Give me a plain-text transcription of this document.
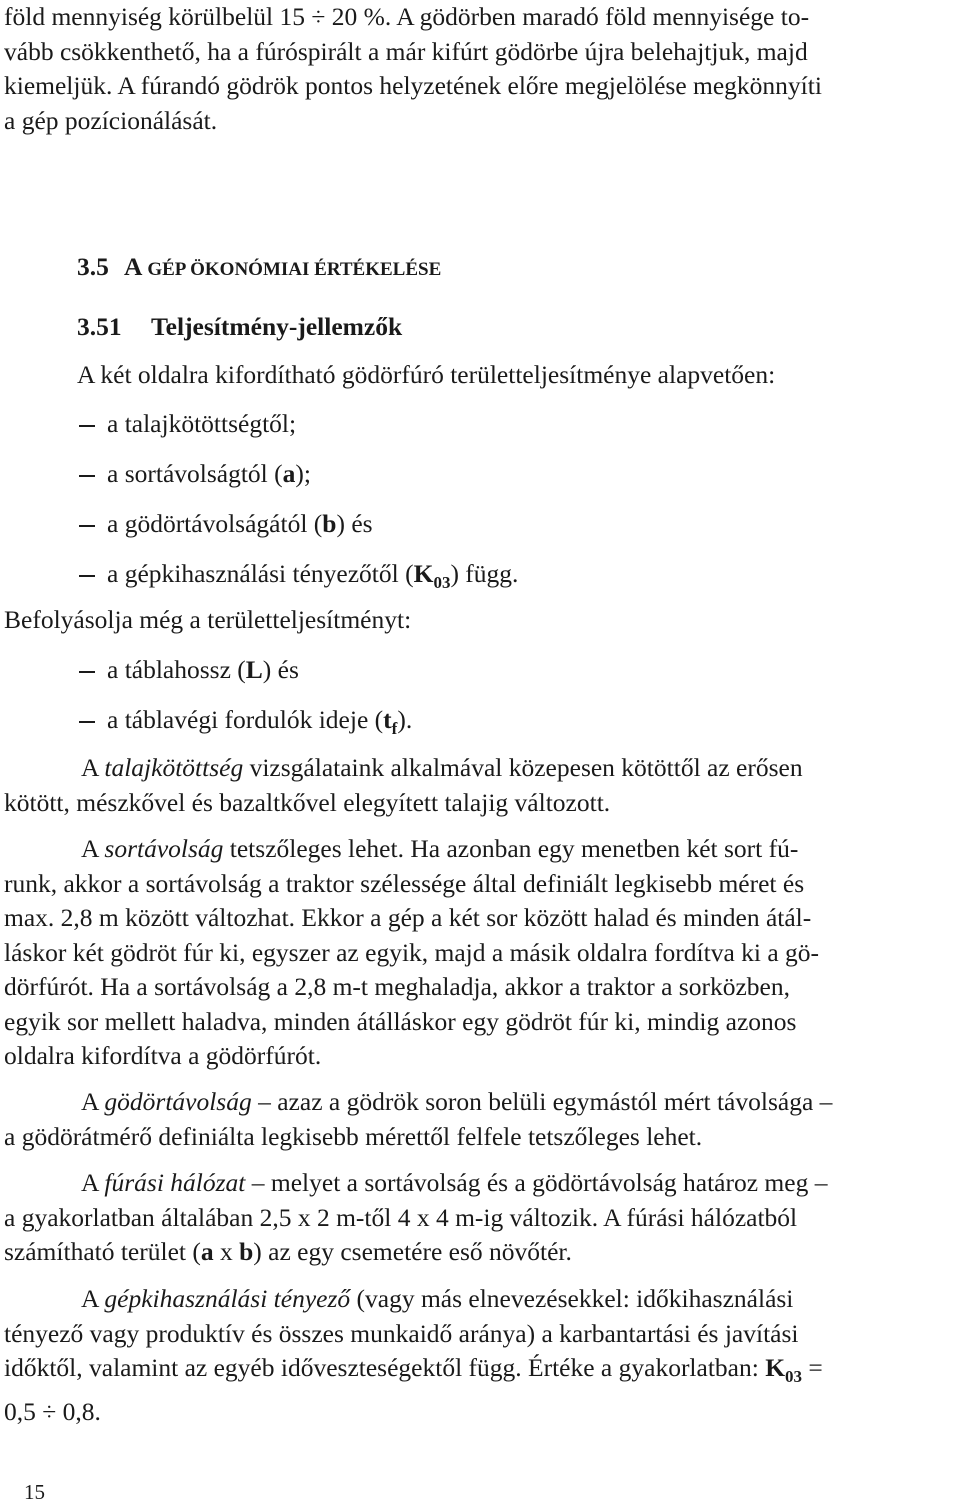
föld mennyiség körülbelül 15 ÷ 20 %. A gödörben maradó föld mennyisége to-
vább csökkenthető, ha a fúróspirált a már kifúrt gödörbe újra belehajtjuk, majd
kiemeljük. A fúrandó gödrök pontos helyzetének előre megjelölése megkönnyíti
a gép pozícionálását.
3.5 A GÉP ÖKONÓMIAI ÉRTÉKELÉSE
3.51 Teljesítmény-jellemzők
A két oldalra kifordítható gödörfúró területteljesítménye alapvetően:
a talajkötöttségtől;
a sortávolságtól (a);
a gödörtávolságától (b) és
a gépkihasználási tényezőtől $(K_{03})$ függ.
Befolyásolja még a területteljesítményt:
a táblahossz (L) és
a táblavégi fordulók ideje $(t_f)$.
A talajkötöttség vizsgálataink alkalmával közepesen kötöttől az erősen
kötött, mészkővel és bazaltkővel elegyített talajig változott.
A sortávolság tetszőleges lehet. Ha azonban egy menetben két sort fú-
runk, akkor a sortávolság a traktor szélessége által definiált legkisebb méret és
max. 2,8 m között változhat. Ekkor a gép a két sor között halad és minden átál-
láskor két gödröt fúr ki, egyszer az egyik, majd a másik oldalra fordítva ki a gö-
dörfúrót. Ha a sortávolság a 2,8 m-t meghaladja, akkor a traktor a sorközben,
egyik sor mellett haladva, minden átálláskor egy gödröt fúr ki, mindig azonos
oldalra kifordítva a gödörfúrót.
A gödörtávolság – azaz a gödrök soron belüli egymástól mért távolsága –
a gödörátmérő definiálta legkisebb mérettől felfele tetszőleges lehet.
A fúrási hálózat – melyet a sortávolság és a gödörtávolság határoz meg –
a gyakorlatban általában 2,5 x 2 m-től 4 x 4 m-ig változik. A fúrási hálózatból
számítható terület (a x b) az egy csemetére eső növőtér.
A gépkihasználási tényező (vagy más elnevezésekkel: időkihasználási
tényező vagy produktív és összes munkaidő aránya) a karbantartási és javítási
időktől, valamint az egyéb időveszteségektől függ. Értéke a gyakorlatban: $K_{03}$ =
0,5 ÷ 0,8.
15
